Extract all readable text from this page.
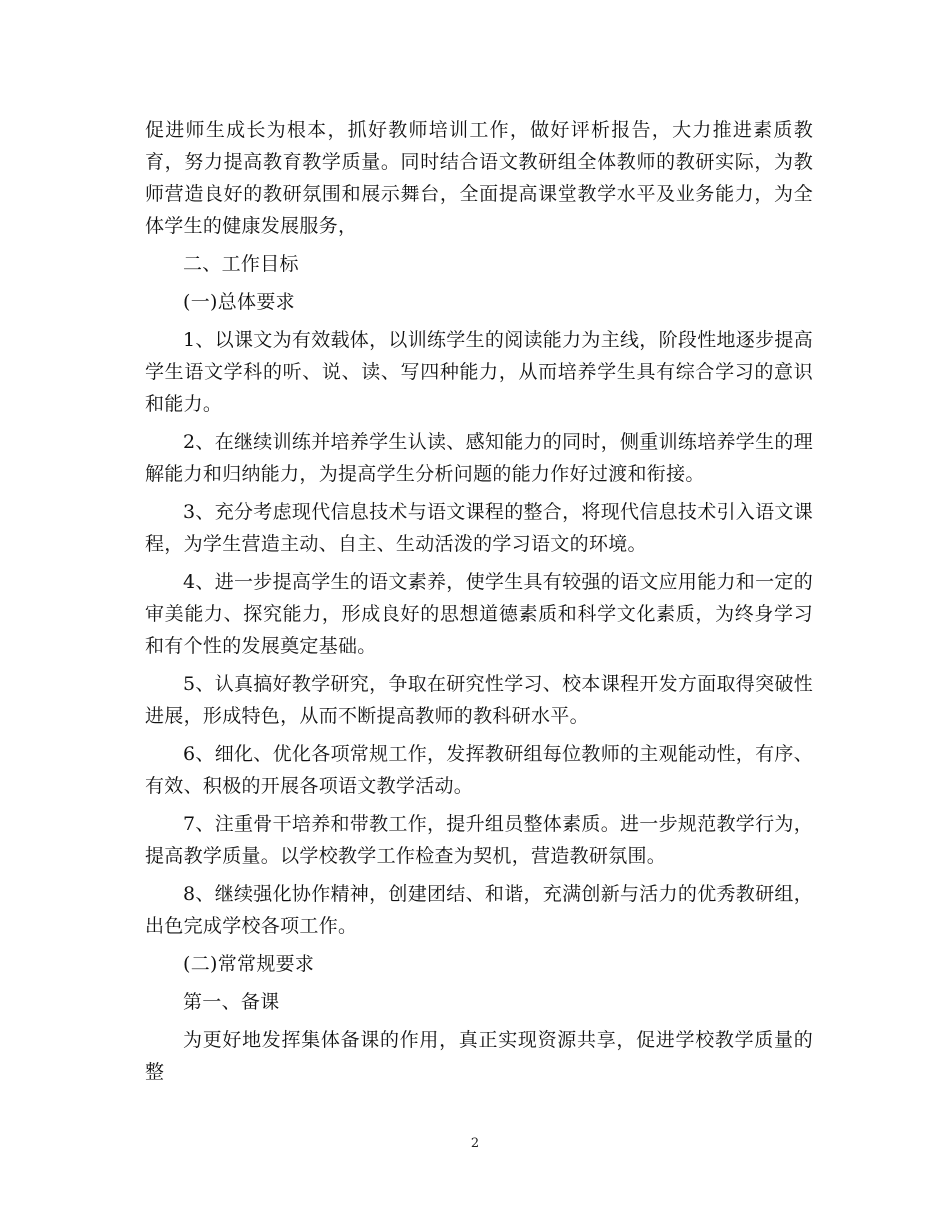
促进师生成长为根本，抓好教师培训工作，做好评析报告，大力推进素质教育，努力提高教育教学质量。同时结合语文教研组全体教师的教研实际，为教师营造良好的教研氛围和展示舞台，全面提高课堂教学水平及业务能力，为全体学生的健康发展服务，

二、工作目标

(一)总体要求

1、以课文为有效载体，以训练学生的阅读能力为主线，阶段性地逐步提高学生语文学科的听、说、读、写四种能力，从而培养学生具有综合学习的意识和能力。

2、在继续训练并培养学生认读、感知能力的同时，侧重训练培养学生的理解能力和归纳能力，为提高学生分析问题的能力作好过渡和衔接。

3、充分考虑现代信息技术与语文课程的整合，将现代信息技术引入语文课程，为学生营造主动、自主、生动活泼的学习语文的环境。

4、进一步提高学生的语文素养，使学生具有较强的语文应用能力和一定的审美能力、探究能力，形成良好的思想道德素质和科学文化素质，为终身学习和有个性的发展奠定基础。

5、认真搞好教学研究，争取在研究性学习、校本课程开发方面取得突破性进展，形成特色，从而不断提高教师的教科研水平。

6、细化、优化各项常规工作，发挥教研组每位教师的主观能动性，有序、有效、积极的开展各项语文教学活动。

7、注重骨干培养和带教工作，提升组员整体素质。进一步规范教学行为，提高教学质量。以学校教学工作检查为契机，营造教研氛围。

8、继续强化协作精神，创建团结、和谐，充满创新与活力的优秀教研组，出色完成学校各项工作。

(二)常常规要求

第一、备课

为更好地发挥集体备课的作用，真正实现资源共享，促进学校教学质量的整

2
